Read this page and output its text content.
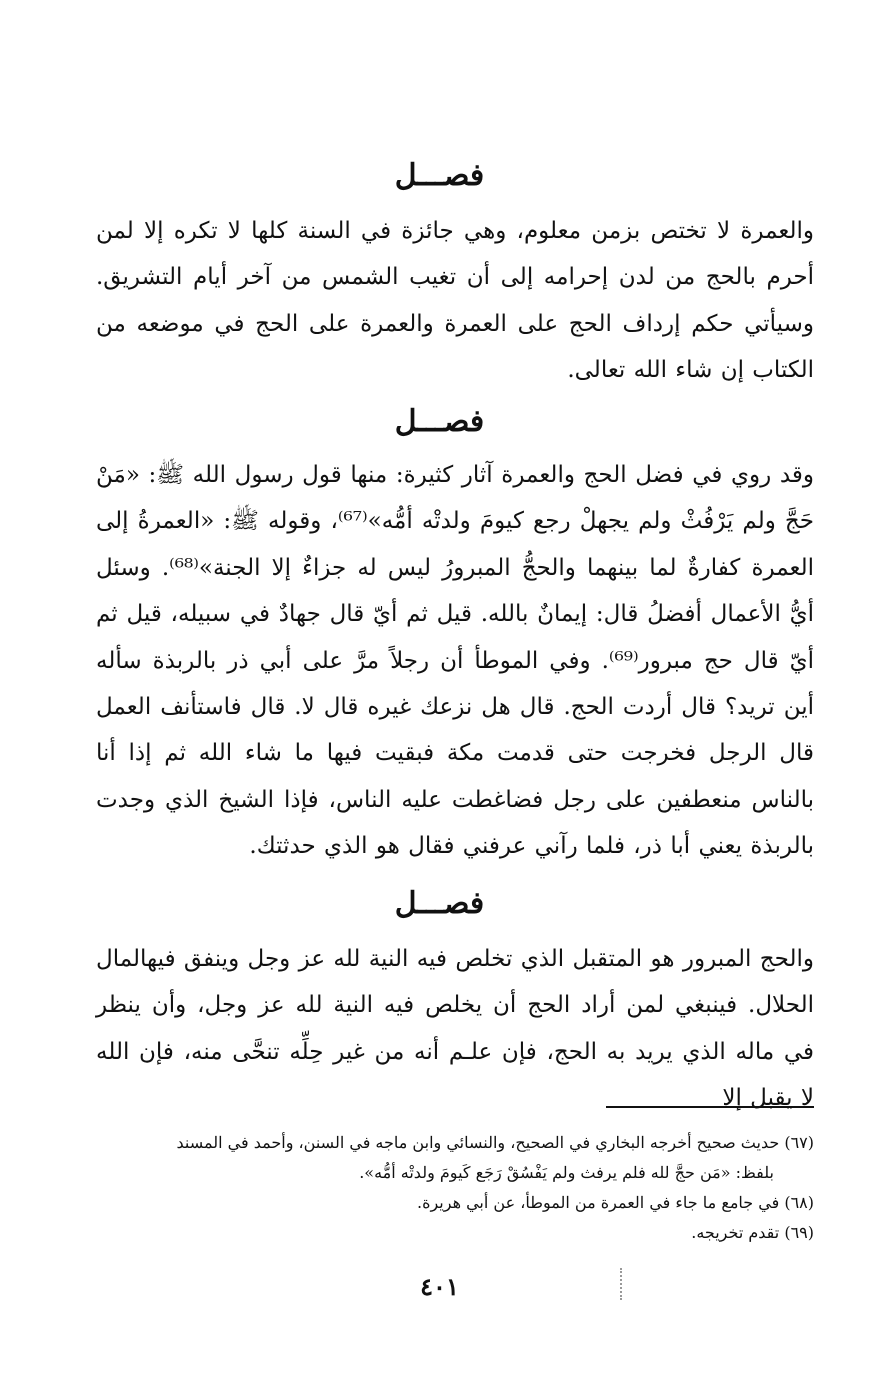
فصـــل

والعمرة لا تختص بزمن معلوم، وهي جائزة في السنة كلها لا تكره إلا لمن أحرم بالحج من لدن إحرامه إلى أن تغيب الشمس من آخر أيام التشريق. وسيأتي حكم إرداف الحج على العمرة والعمرة على الحج في موضعه من الكتاب إن شاء الله تعالى.

فصـــل

وقد روي في فضل الحج والعمرة آثار كثيرة: منها قول رسول الله ﷺ: «مَنْ حَجَّ ولم يَرْفُثْ ولم يجهلْ رجع كيومَ ولدتْه أمُّه»⁽⁶⁷⁾، وقوله ﷺ: «العمرةُ إلى العمرة كفارةٌ لما بينهما والحجُّ المبرورُ ليس له جزاءٌ إلا الجنة»⁽⁶⁸⁾. وسئل أيُّ الأعمال أفضلُ قال: إيمانٌ بالله. قيل ثم أيّ قال جهادٌ في سبيله، قيل ثم أيّ قال حج مبرور⁽⁶⁹⁾. وفي الموطأ أن رجلاً مرَّ على أبي ذر بالربذة سأله أين تريد؟ قال أردت الحج. قال هل نزعك غيره قال لا. قال فاستأنف العمل قال الرجل فخرجت حتى قدمت مكة فبقيت فيها ما شاء الله ثم إذا أنا بالناس منعطفين على رجل فضاغطت عليه الناس، فإذا الشيخ الذي وجدت بالربذة يعني أبا ذر، فلما رآني عرفني فقال هو الذي حدثتك.

فصـــل

والحج المبرور هو المتقبل الذي تخلص فيه النية لله عز وجل وينفق فيهالمال الحلال. فينبغي لمن أراد الحج أن يخلص فيه النية لله عز وجل، وأن ينظر في ماله الذي يريد به الحج، فإن علـم أنه من غير حِلِّه تنحَّى منه، فإن الله لا يقبل إلا

(٦٧) حديث صحيح أخرجه البخاري في الصحيح، والنسائي وابن ماجه في السنن، وأحمد في المسند

بلفظ: «مَن حجَّ لله فلم يرفث ولم يَفْسُقْ رَجَع كَيومَ ولدتْه أمُّه».

(٦٨) في جامع ما جاء في العمرة من الموطأ، عن أبي هريرة.

(٦٩) تقدم تخريجه.

٤٠١
